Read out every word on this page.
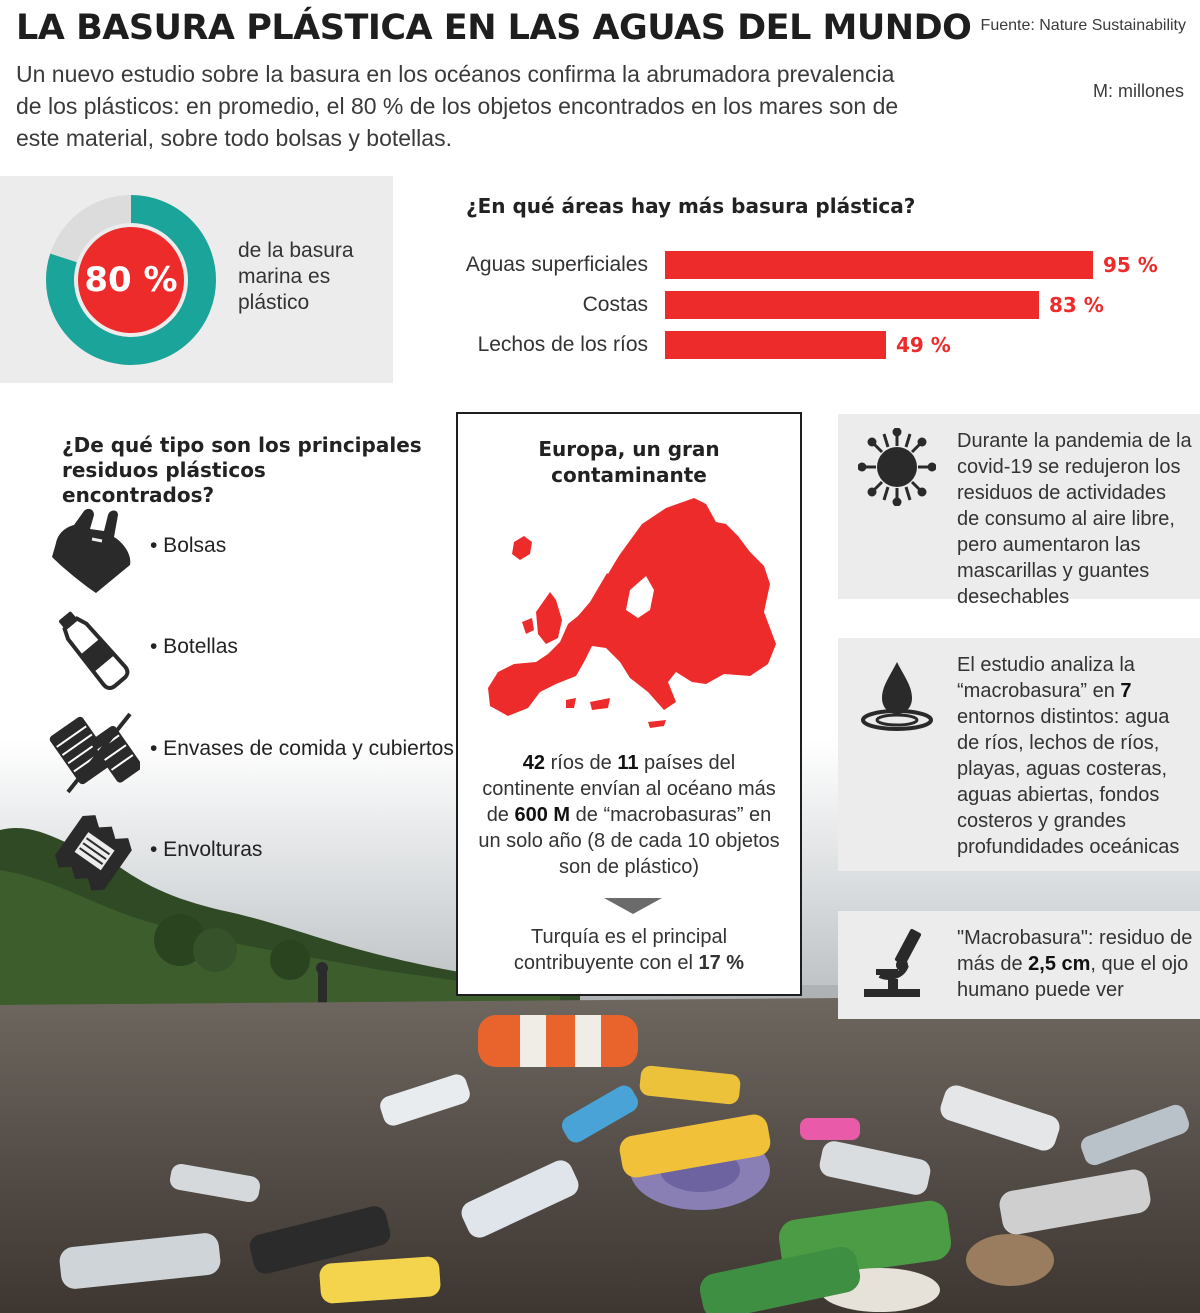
LA BASURA PLÁSTICA EN LAS AGUAS DEL MUNDO
Un nuevo estudio sobre la basura en los océanos confirma la abrumadora prevalencia de los plásticos: en promedio, el 80 % de los objetos encontrados en los mares son de este material, sobre todo bolsas y botellas.
Fuente: Nature Sustainability
M: millones
80 %
de la basura marina es plástico
¿En qué áreas hay más basura plástica?
Aguas superficiales	95 %
Costas	83 %
Lechos de los ríos	49 %
¿De qué tipo son los principales residuos plásticos encontrados?
• Bolsas
• Botellas
• Envases de comida y cubiertos
• Envolturas
Europa, un gran contaminante
42 ríos de 11 países del continente envían al océano más de 600 M de “macrobasuras” en un solo año (8 de cada 10 objetos son de plástico)
Turquía es el principal contribuyente con el 17 %
Durante la pandemia de la covid-19 se redujeron los residuos de actividades de consumo al aire libre, pero aumentaron las mascarillas y guantes desechables
El estudio analiza la “macrobasura” en 7 entornos distintos: agua de ríos, lechos de ríos, playas, aguas costeras, aguas abiertas, fondos costeros y grandes profundidades oceánicas
"Macrobasura": residuo de más de 2,5 cm, que el ojo humano puede ver
